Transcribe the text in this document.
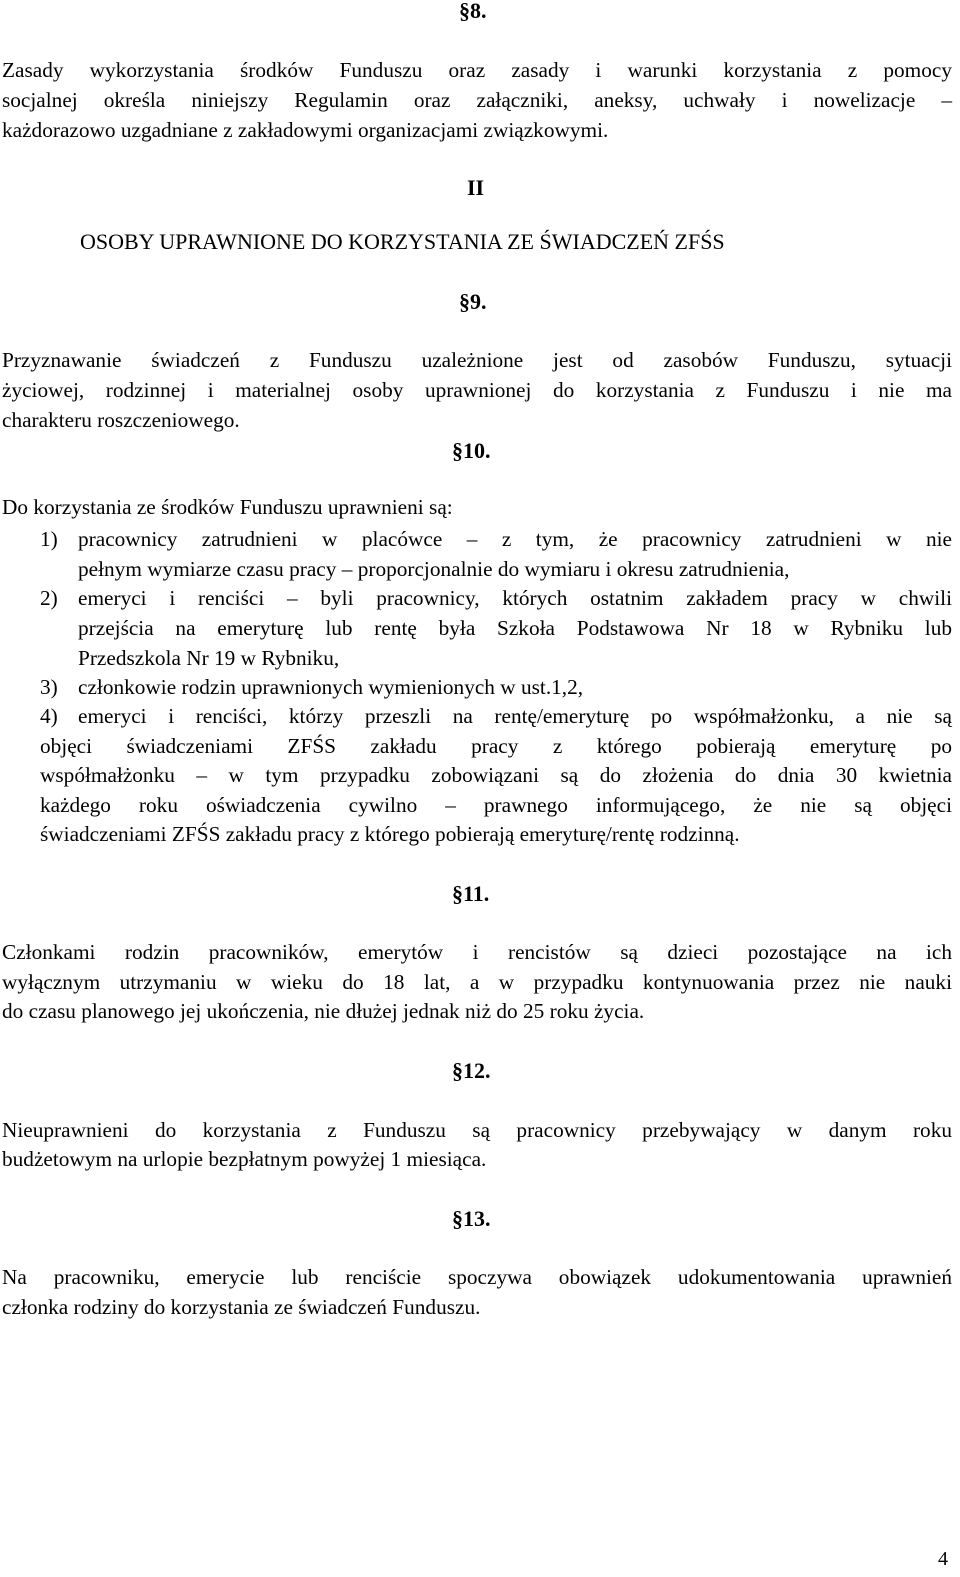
§8.
Zasady wykorzystania środków Funduszu oraz zasady i warunki korzystania z pomocy
socjalnej określa niniejszy Regulamin oraz załączniki, aneksy, uchwały i nowelizacje –
każdorazowo uzgadniane z zakładowymi organizacjami związkowymi.
II
OSOBY UPRAWNIONE DO KORZYSTANIA ZE ŚWIADCZEŃ ZFŚS
§9.
Przyznawanie świadczeń z Funduszu uzależnione jest od zasobów Funduszu, sytuacji
życiowej, rodzinnej i materialnej osoby uprawnionej do korzystania z Funduszu i nie ma
charakteru roszczeniowego.
§10.
Do korzystania ze środków Funduszu uprawnieni są:
1) pracownicy zatrudnieni w placówce – z tym, że pracownicy zatrudnieni w nie
pełnym wymiarze czasu pracy – proporcjonalnie do wymiaru i okresu zatrudnienia,
2) emeryci i renciści – byli pracownicy, których ostatnim zakładem pracy w chwili
przejścia na emeryturę lub rentę była Szkoła Podstawowa Nr 18 w Rybniku lub
Przedszkola Nr 19 w Rybniku,
3) członkowie rodzin uprawnionych wymienionych w ust.1,2,
4) emeryci i renciści, którzy przeszli na rentę/emeryturę po współmałżonku, a nie są
objęci świadczeniami ZFŚS zakładu pracy z którego pobierają emeryturę po
współmałżonku – w tym przypadku zobowiązani są do złożenia do dnia 30 kwietnia
każdego roku oświadczenia cywilno – prawnego informującego, że nie są objęci
świadczeniami ZFŚS zakładu pracy z którego pobierają emeryturę/rentę rodzinną.
§11.
Członkami rodzin pracowników, emerytów i rencistów są dzieci pozostające na ich
wyłącznym utrzymaniu w wieku do 18 lat, a w przypadku kontynuowania przez nie nauki
do czasu planowego jej ukończenia, nie dłużej jednak niż do 25 roku życia.
§12.
Nieuprawnieni do korzystania z Funduszu są pracownicy przebywający w danym roku
budżetowym na urlopie bezpłatnym powyżej 1 miesiąca.
§13.
Na pracowniku, emerycie lub renciście spoczywa obowiązek udokumentowania uprawnień
członka rodziny do korzystania ze świadczeń Funduszu.
4
